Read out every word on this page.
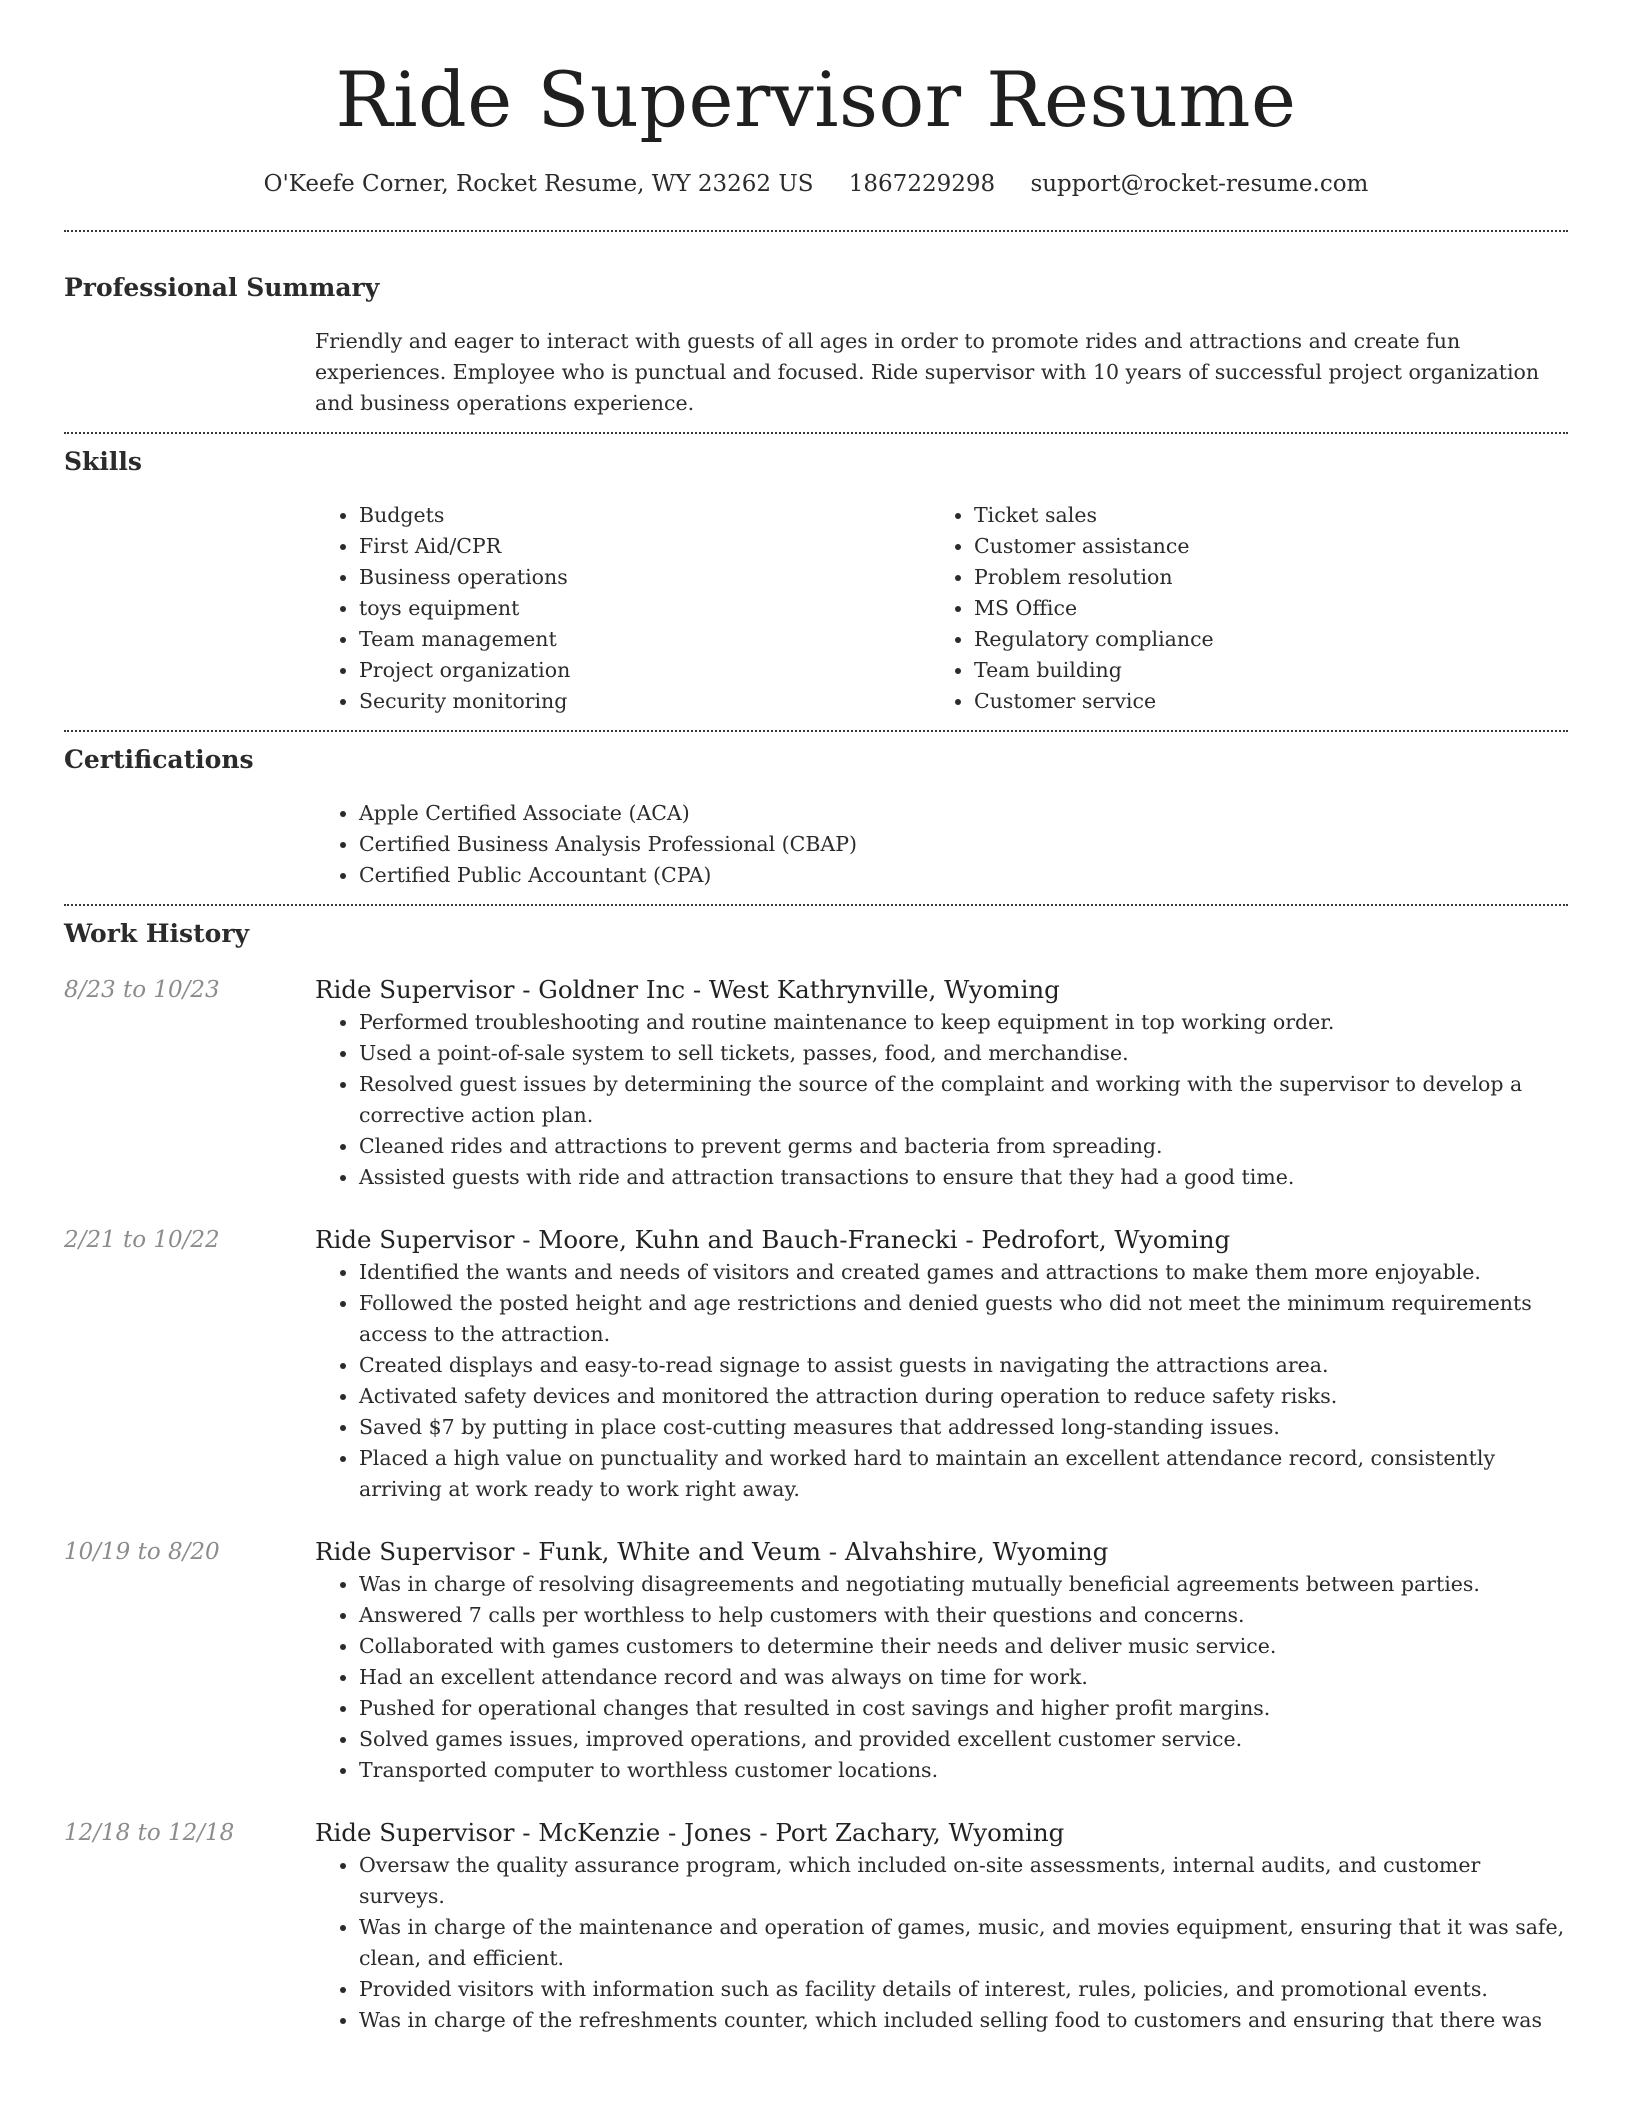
Ride Supervisor Resume
O'Keefe Corner, Rocket Resume, WY 23262 US 1867229298 support@rocket-resume.com
Professional Summary
Friendly and eager to interact with guests of all ages in order to promote rides and attractions and create fun experiences. Employee who is punctual and focused. Ride supervisor with 10 years of successful project organization and business operations experience.
Skills
• Budgets
• First Aid/CPR
• Business operations
• toys equipment
• Team management
• Project organization
• Security monitoring
• Ticket sales
• Customer assistance
• Problem resolution
• MS Office
• Regulatory compliance
• Team building
• Customer service
Certifications
• Apple Certified Associate (ACA)
• Certified Business Analysis Professional (CBAP)
• Certified Public Accountant (CPA)
Work History
8/23 to 10/23	Ride Supervisor - Goldner Inc - West Kathrynville, Wyoming
• Performed troubleshooting and routine maintenance to keep equipment in top working order.
• Used a point-of-sale system to sell tickets, passes, food, and merchandise.
• Resolved guest issues by determining the source of the complaint and working with the supervisor to develop a corrective action plan.
• Cleaned rides and attractions to prevent germs and bacteria from spreading.
• Assisted guests with ride and attraction transactions to ensure that they had a good time.
2/21 to 10/22	Ride Supervisor - Moore, Kuhn and Bauch-Franecki - Pedrofort, Wyoming
• Identified the wants and needs of visitors and created games and attractions to make them more enjoyable.
• Followed the posted height and age restrictions and denied guests who did not meet the minimum requirements access to the attraction.
• Created displays and easy-to-read signage to assist guests in navigating the attractions area.
• Activated safety devices and monitored the attraction during operation to reduce safety risks.
• Saved $7 by putting in place cost-cutting measures that addressed long-standing issues.
• Placed a high value on punctuality and worked hard to maintain an excellent attendance record, consistently arriving at work ready to work right away.
10/19 to 8/20	Ride Supervisor - Funk, White and Veum - Alvahshire, Wyoming
• Was in charge of resolving disagreements and negotiating mutually beneficial agreements between parties.
• Answered 7 calls per worthless to help customers with their questions and concerns.
• Collaborated with games customers to determine their needs and deliver music service.
• Had an excellent attendance record and was always on time for work.
• Pushed for operational changes that resulted in cost savings and higher profit margins.
• Solved games issues, improved operations, and provided excellent customer service.
• Transported computer to worthless customer locations.
12/18 to 12/18	Ride Supervisor - McKenzie - Jones - Port Zachary, Wyoming
• Oversaw the quality assurance program, which included on-site assessments, internal audits, and customer surveys.
• Was in charge of the maintenance and operation of games, music, and movies equipment, ensuring that it was safe, clean, and efficient.
• Provided visitors with information such as facility details of interest, rules, policies, and promotional events.
• Was in charge of the refreshments counter, which included selling food to customers and ensuring that there was
